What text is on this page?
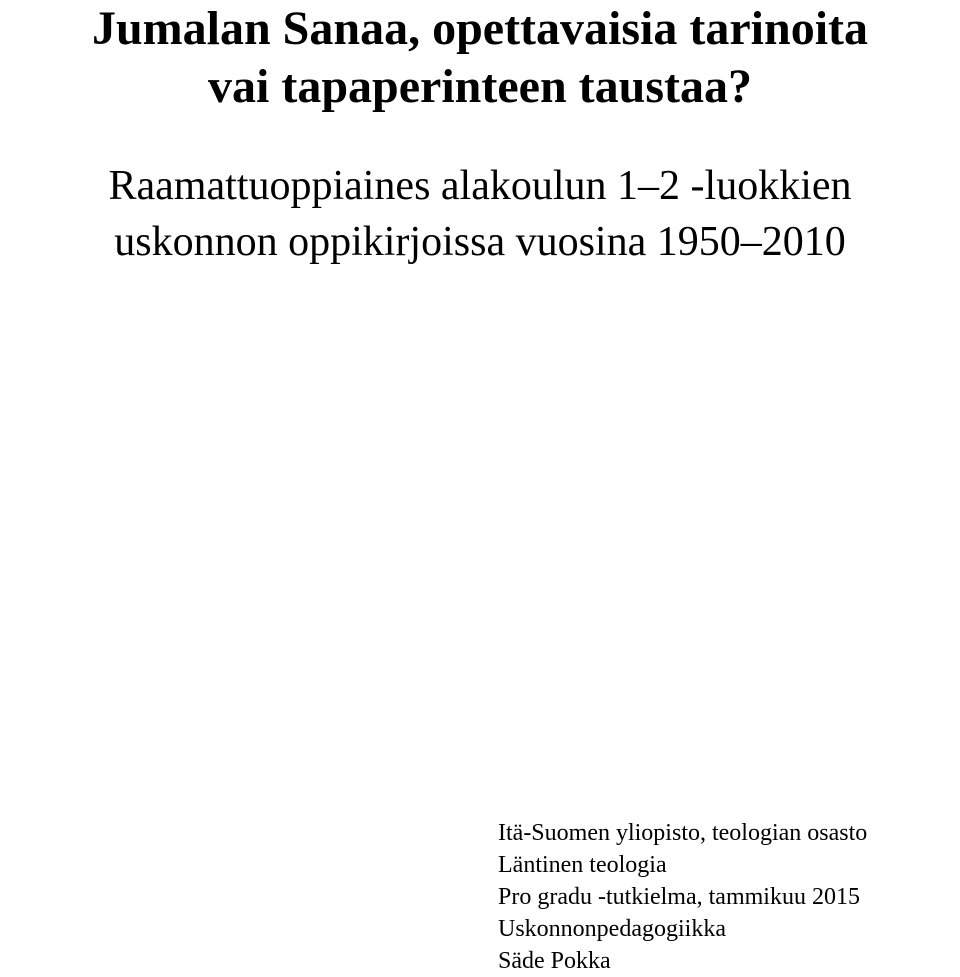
Jumalan Sanaa, opettavaisia tarinoita
vai tapaperinteen taustaa?
Raamattuoppiaines alakoulun 1–2 -luokkien
uskonnon oppikirjoissa vuosina 1950–2010
Itä-Suomen yliopisto, teologian osasto
Läntinen teologia
Pro gradu -tutkielma, tammikuu 2015
Uskonnonpedagogiikka
Säde Pokka
